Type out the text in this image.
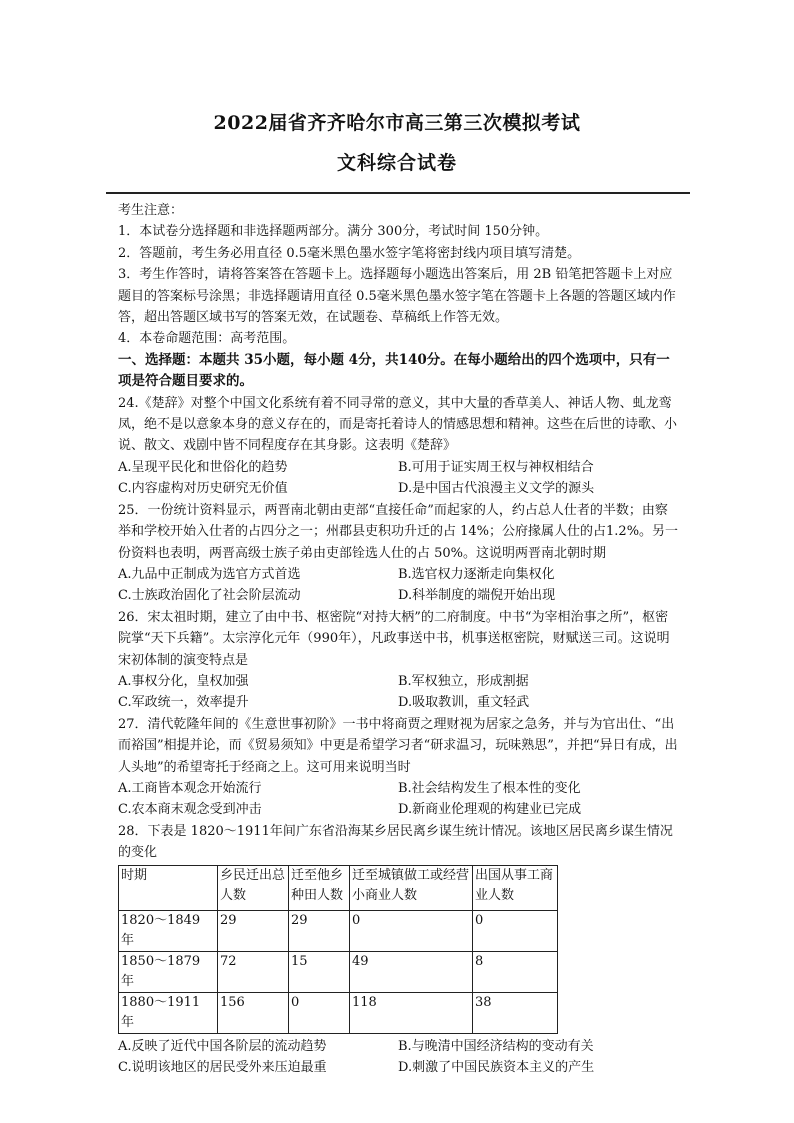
2022届省齐齐哈尔市高三第三次模拟考试
文科综合试卷

考生注意：

1．本试卷分选择题和非选择题两部分。满分 300分，考试时间 150分钟。

2．答题前，考生务必用直径 0.5毫米黑色墨水签字笔将密封线内项目填写清楚。

3．考生作答时，请将答案答在答题卡上。选择题每小题选出答案后，用 2B 铅笔把答题卡上对应题目的答案标号涂黑；非选择题请用直径 0.5毫米黑色墨水签字笔在答题卡上各题的答题区域内作答，超出答题区域书写的答案无效，在试题卷、草稿纸上作答无效。

4．本卷命题范围：高考范围。

一、选择题：本题共 35小题，每小题 4分，共140分。在每小题给出的四个选项中，只有一项是符合题目要求的。

24.《楚辞》对整个中国文化系统有着不同寻常的意义，其中大量的香草美人、神话人物、虬龙鸾凤，绝不是以意象本身的意义存在的，而是寄托着诗人的情感思想和精神。这些在后世的诗歌、小说、散文、戏剧中皆不同程度存在其身影。这表明《楚辞》

A.呈现平民化和世俗化的趋势	B.可用于证实周王权与神权相结合
C.内容虚构对历史研究无价值	D.是中国古代浪漫主义文学的源头

25．一份统计资料显示，两晋南北朝由吏部“直接任命”而起家的人，约占总人仕者的半数；由察举和学校开始入仕者的占四分之一；州郡县吏积功升迁的占 14%；公府掾属人仕的占1.2%。另一份资料也表明，两晋高级士族子弟由吏部铨选人仕的占 50%。这说明两晋南北朝时期

A.九品中正制成为选官方式首选	B.选官权力逐渐走向集权化
C.士族政治固化了社会阶层流动	D.科举制度的端倪开始出现

26．宋太祖时期，建立了由中书、枢密院“对持大柄”的二府制度。中书“为宰相治事之所”，枢密院掌“天下兵籍”。太宗淳化元年（990年），凡政事送中书，机事送枢密院，财赋送三司。这说明宋初体制的演变特点是

A.事权分化，皇权加强	B.军权独立，形成割据
C.军政统一，效率提升	D.吸取教训，重文轻武

27．清代乾隆年间的《生意世事初阶》一书中将商贾之理财视为居家之急务，并与为官出仕、“出而裕国”相提并论，而《贸易须知》中更是希望学习者“研求温习，玩味熟思”，并把“异日有成，出人头地”的希望寄托于经商之上。这可用来说明当时

A.工商皆本观念开始流行	B.社会结构发生了根本性的变化
C.农本商末观念受到冲击	D.新商业伦理观的构建业已完成

28．下表是 1820～1911年间广东省沿海某乡居民离乡谋生统计情况。该地区居民离乡谋生情况的变化

时期	乡民迁出总人数	迁至他乡种田人数	迁至城镇做工或经营小商业人数	出国从事工商业人数
1820～1849 年	29	29	0	0
1850～1879 年	72	15	49	8
1880～1911 年	156	0	118	38
A.反映了近代中国各阶层的流动趋势	B.与晚清中国经济结构的变动有关
C.说明该地区的居民受外来压迫最重	D.刺激了中国民族资本主义的产生
